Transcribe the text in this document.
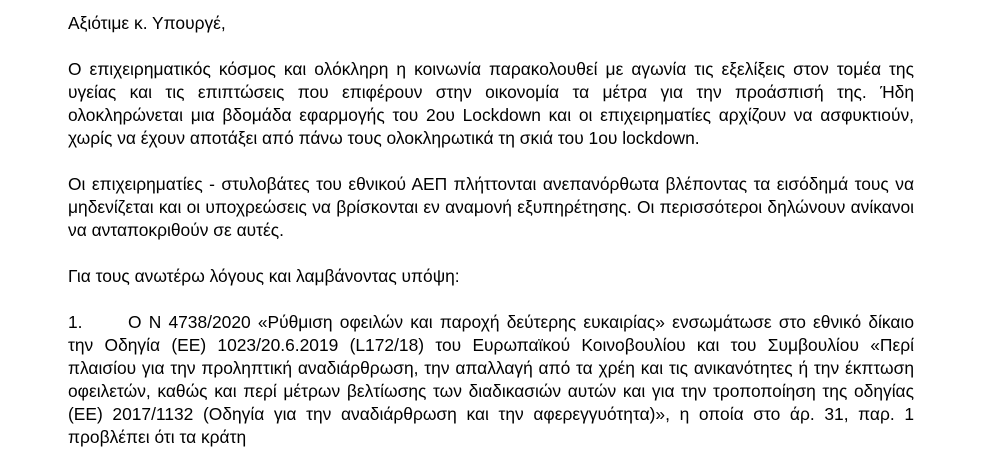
Αξιότιμε κ. Υπουργέ,

Ο επιχειρηματικός κόσμος και ολόκληρη η κοινωνία παρακολουθεί με αγωνία τις εξελίξεις στον τομέα της υγείας και τις επιπτώσεις που επιφέρουν στην οικονομία τα μέτρα για την προάσπισή της. Ήδη ολοκληρώνεται μια βδομάδα εφαρμογής του 2ου Lockdown και οι επιχειρηματίες αρχίζουν να ασφυκτιούν, χωρίς να έχουν αποτάξει από πάνω τους ολοκληρωτικά τη σκιά του 1ου lockdown.

Οι επιχειρηματίες - στυλοβάτες του εθνικού ΑΕΠ πλήττονται ανεπανόρθωτα βλέποντας τα εισόδημά τους να μηδενίζεται και οι υποχρεώσεις να βρίσκονται εν αναμονή εξυπηρέτησης. Οι περισσότεροι δηλώνουν ανίκανοι να ανταποκριθούν σε αυτές.

Για τους ανωτέρω λόγους και λαμβάνοντας υπόψη:

1.	Ο Ν 4738/2020 «Ρύθμιση οφειλών και παροχή δεύτερης ευκαιρίας» ενσωμάτωσε στο εθνικό δίκαιο την Οδηγία (ΕΕ) 1023/20.6.2019 (L172/18) του Ευρωπαϊκού Κοινοβουλίου και του Συμβουλίου «Περί πλαισίου για την προληπτική αναδιάρθρωση, την απαλλαγή από τα χρέη και τις ανικανότητες ή την έκπτωση οφειλετών, καθώς και περί μέτρων βελτίωσης των διαδικασιών αυτών και για την τροποποίηση της οδηγίας (ΕΕ) 2017/1132 (Οδηγία για την αναδιάρθρωση και την αφερεγγυότητα)», η οποία στο άρ. 31, παρ. 1 προβλέπει ότι τα κράτη
